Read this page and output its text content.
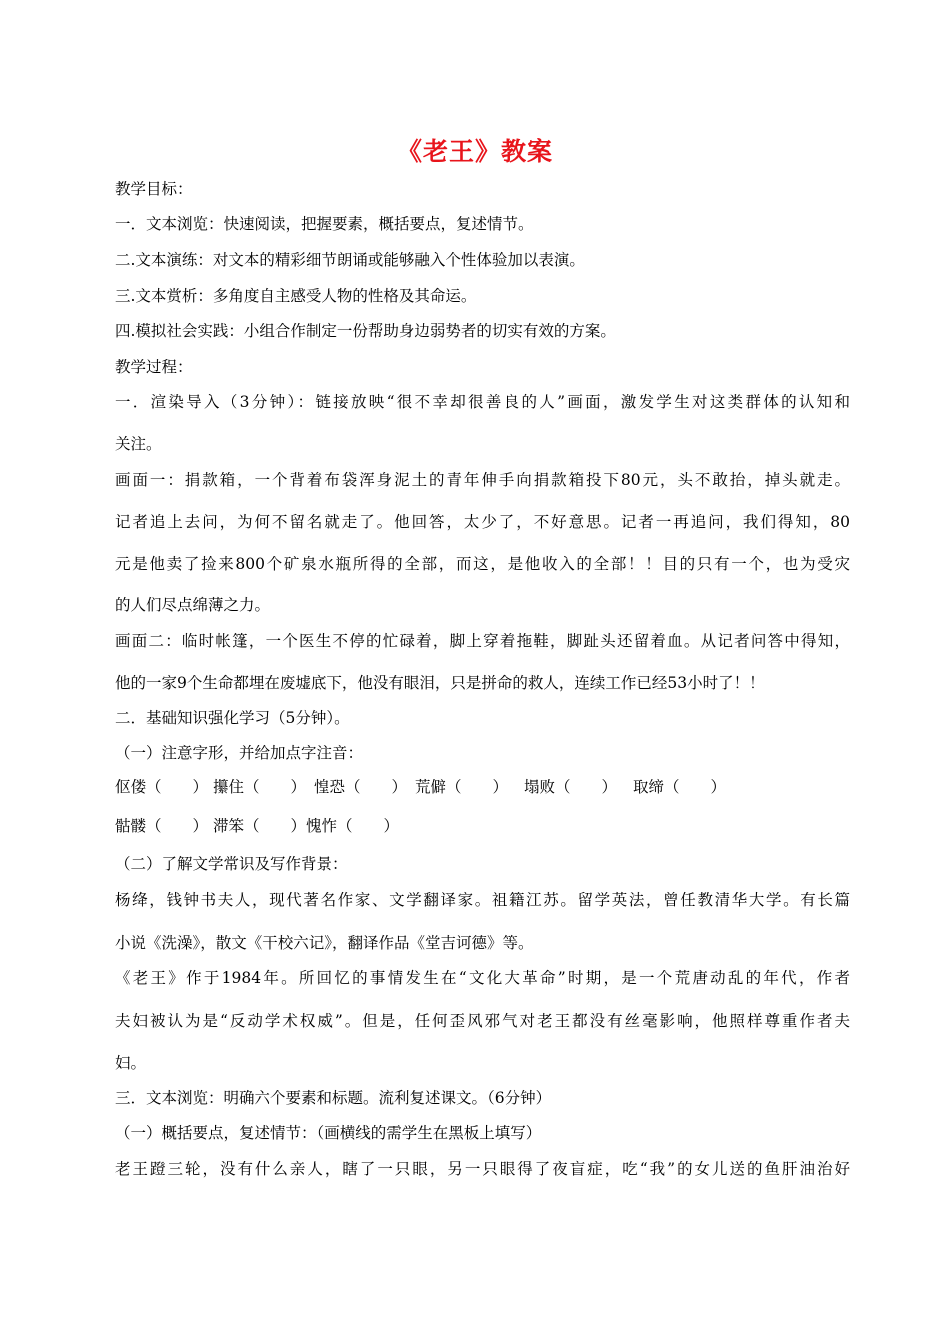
《老王》教案
教学目标：
一．文本浏览：快速阅读，把握要素，概括要点，复述情节。
二.文本演练：对文本的精彩细节朗诵或能够融入个性体验加以表演。
三.文本赏析：多角度自主感受人物的性格及其命运。
四.模拟社会实践：小组合作制定一份帮助身边弱势者的切实有效的方案。
教学过程：
一．渲染导入（3分钟）：链接放映“很不幸却很善良的人”画面，激发学生对这类群体的认知和
关注。
画面一：捐款箱，一个背着布袋浑身泥土的青年伸手向捐款箱投下80元，头不敢抬，掉头就走。
记者追上去问，为何不留名就走了。他回答，太少了，不好意思。记者一再追问，我们得知，80
元是他卖了捡来800个矿泉水瓶所得的全部，而这，是他收入的全部！！目的只有一个，也为受灾
的人们尽点绵薄之力。
画面二：临时帐篷，一个医生不停的忙碌着，脚上穿着拖鞋，脚趾头还留着血。从记者问答中得知，
他的一家9个生命都埋在废墟底下，他没有眼泪，只是拼命的救人，连续工作已经53小时了！！
二．基础知识强化学习（5分钟）。
（一）注意字形，并给加点字注音：
伛偻（　　） 攥住（　　） 惶恐（　　） 荒僻（　　） 塌败（　　） 取缔（　　）
骷髅（　　） 滞笨（　　） 愧怍（　　）
（二）了解文学常识及写作背景：
杨绛，钱钟书夫人，现代著名作家、文学翻译家。祖籍江苏。留学英法，曾任教清华大学。有长篇
小说《洗澡》，散文《干校六记》，翻译作品《堂吉诃德》等。
《老王》作于1984年。所回忆的事情发生在“文化大革命”时期，是一个荒唐动乱的年代，作者
夫妇被认为是“反动学术权威”。但是，任何歪风邪气对老王都没有丝毫影响，他照样尊重作者夫
妇。
三．文本浏览：明确六个要素和标题。流利复述课文。（6分钟）
（一）概括要点，复述情节：（画横线的需学生在黑板上填写）
老王蹬三轮，没有什么亲人，瞎了一只眼，另一只眼得了夜盲症，吃“我”的女儿送的鱼肝油治好
